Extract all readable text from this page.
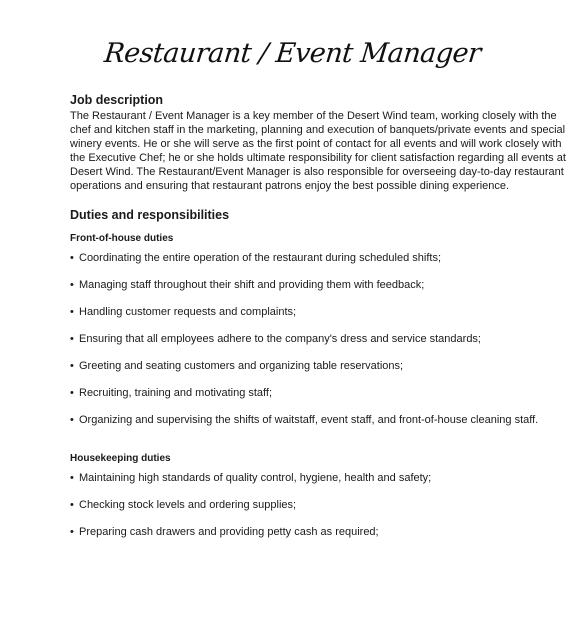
Restaurant / Event Manager
Job description

The Restaurant / Event Manager is a key member of the Desert Wind team, working closely with the chef and kitchen staff in the marketing, planning and execution of banquets/private events and special winery events. He or she will serve as the first point of contact for all events and will work closely with the Executive Chef; he or she holds ultimate responsibility for client satisfaction regarding all events at Desert Wind. The Restaurant/Event Manager is also responsible for overseeing day-to-day restaurant operations and ensuring that restaurant patrons enjoy the best possible dining experience.

Duties and responsibilities

Front-of-house duties

• Coordinating the entire operation of the restaurant during scheduled shifts;
• Managing staff throughout their shift and providing them with feedback;
• Handling customer requests and complaints;
• Ensuring that all employees adhere to the company's dress and service standards;
• Greeting and seating customers and organizing table reservations;
• Recruiting, training and motivating staff;
• Organizing and supervising the shifts of waitstaff, event staff, and front-of-house cleaning staff.

Housekeeping duties

• Maintaining high standards of quality control, hygiene, health and safety;
• Checking stock levels and ordering supplies;
• Preparing cash drawers and providing petty cash as required;
